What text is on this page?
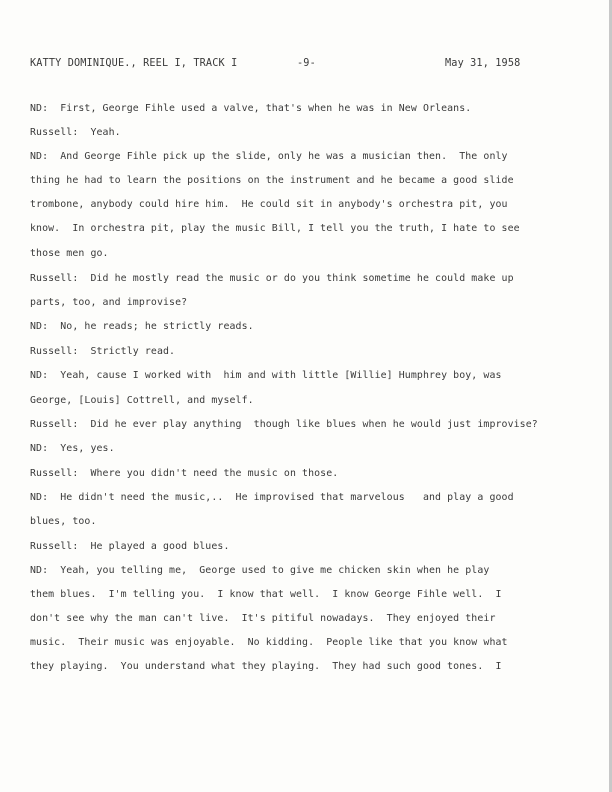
KATTY DOMINIQUE., REEL I, TRACK I	-9-	May 31, 1958
ND:  First, George Fihle used a valve, that's when he was in New Orleans.
Russell:  Yeah.
ND:  And George Fihle pick up the slide, only he was a musician then.  The only
thing he had to learn the positions on the instrument and he became a good slide
trombone, anybody could hire him.  He could sit in anybody's orchestra pit, you
know.  In orchestra pit, play the music Bill, I tell you the truth, I hate to see
those men go.
Russell:  Did he mostly read the music or do you think sometime he could make up
parts, too, and improvise?
ND:  No, he reads; he strictly reads.
Russell:  Strictly read.
ND:  Yeah, cause I worked with  him and with little [Willie] Humphrey boy, was
George, [Louis] Cottrell, and myself.
Russell:  Did he ever play anything  though like blues when he would just improvise?
ND:  Yes, yes.
Russell:  Where you didn't need the music on those.
ND:  He didn't need the music,..  He improvised that marvelous   and play a good
blues, too.
Russell:  He played a good blues.
ND:  Yeah, you telling me,  George used to give me chicken skin when he play
them blues.  I'm telling you.  I know that well.  I know George Fihle well.  I
don't see why the man can't live.  It's pitiful nowadays.  They enjoyed their
music.  Their music was enjoyable.  No kidding.  People like that you know what
they playing.  You understand what they playing.  They had such good tones.  I
